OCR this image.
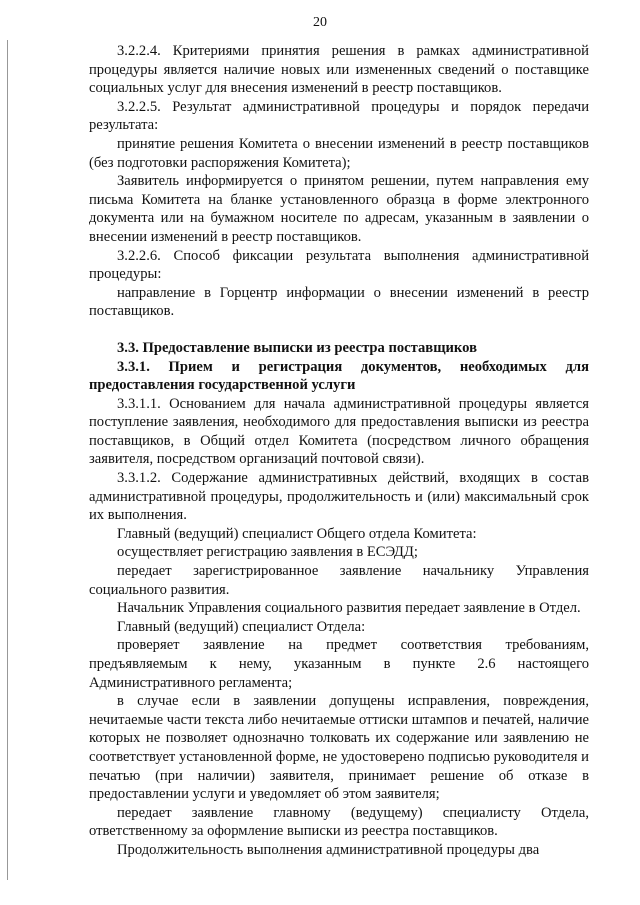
20

3.2.2.4. Критериями принятия решения в рамках административной процедуры является наличие новых или измененных сведений о поставщике социальных услуг для внесения изменений в реестр поставщиков.

3.2.2.5. Результат административной процедуры и порядок передачи результата:

принятие решения Комитета о внесении изменений в реестр поставщиков (без подготовки распоряжения Комитета);

Заявитель информируется о принятом решении, путем направления ему письма Комитета на бланке установленного образца в форме электронного документа или на бумажном носителе по адресам, указанным в заявлении о внесении изменений в реестр поставщиков.

3.2.2.6. Способ фиксации результата выполнения административной процедуры:

направление в Горцентр информации о внесении изменений в реестр поставщиков.

3.3. Предоставление выписки из реестра поставщиков

3.3.1. Прием и регистрация документов, необходимых для предоставления государственной услуги

3.3.1.1. Основанием для начала административной процедуры является поступление заявления, необходимого для предоставления выписки из реестра поставщиков, в Общий отдел Комитета (посредством личного обращения заявителя, посредством организаций почтовой связи).

3.3.1.2. Содержание административных действий, входящих в состав административной процедуры, продолжительность и (или) максимальный срок их выполнения.

Главный (ведущий) специалист Общего отдела Комитета:

осуществляет регистрацию заявления в ЕСЭДД;

передает зарегистрированное заявление начальнику Управления социального развития.

Начальник Управления социального развития передает заявление в Отдел.

Главный (ведущий) специалист Отдела:

проверяет заявление на предмет соответствия требованиям, предъявляемым к нему, указанным в пункте 2.6 настоящего Административного регламента;

в случае если в заявлении допущены исправления, повреждения, нечитаемые части текста либо нечитаемые оттиски штампов и печатей, наличие которых не позволяет однозначно толковать их содержание или заявлению не соответствует установленной форме, не удостоверено подписью руководителя и печатью (при наличии) заявителя, принимает решение об отказе в предоставлении услуги и уведомляет об этом заявителя;

передает заявление главному (ведущему) специалисту Отдела, ответственному за оформление выписки из реестра поставщиков.

Продолжительность выполнения административной процедуры два
